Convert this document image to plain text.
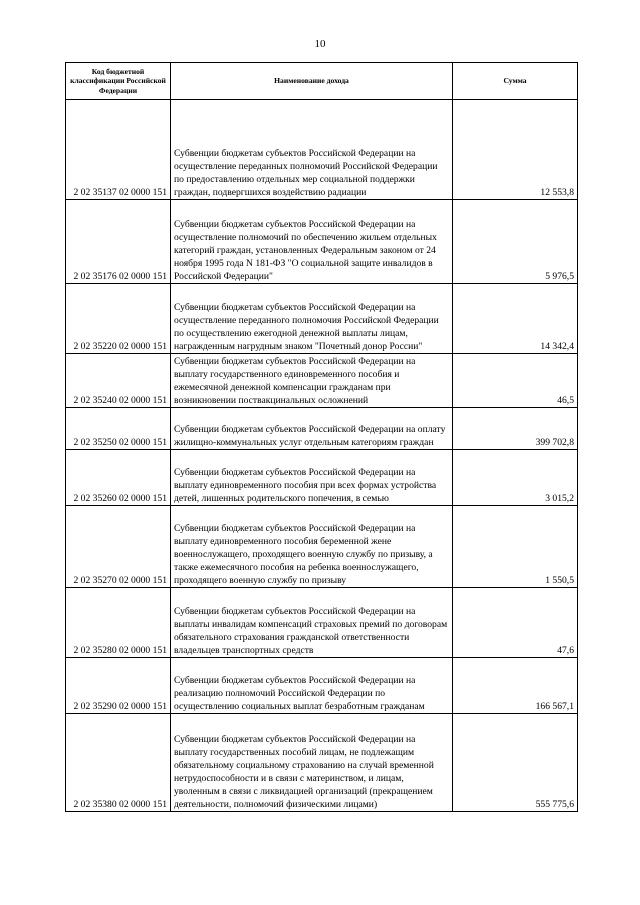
10
Код бюджетной классификации Российской Федерации	Наименование дохода	Сумма
2 02 35137 02 0000 151	Субвенции бюджетам субъектов Российской Федерации на осуществление переданных полномочий Российской Федерации по предоставлению отдельных мер социальной поддержки граждан, подвергшихся воздействию радиации	12 553,8
2 02 35176 02 0000 151	Субвенции бюджетам субъектов Российской Федерации на осуществление полномочий по обеспечению жильем отдельных категорий граждан, установленных Федеральным законом от 24 ноября 1995 года N 181-ФЗ "О социальной защите инвалидов в Российской Федерации"	5 976,5
2 02 35220 02 0000 151	Субвенции бюджетам субъектов Российской Федерации на осуществление переданного полномочия Российской Федерации по осуществлению ежегодной денежной выплаты лицам, награжденным нагрудным знаком "Почетный донор России"	14 342,4
2 02 35240 02 0000 151	Субвенции бюджетам субъектов Российской Федерации на выплату государственного единовременного пособия и ежемесячной денежной компенсации гражданам при возникновении поствакцинальных осложнений	46,5
2 02 35250 02 0000 151	Субвенции бюджетам субъектов Российской Федерации на оплату жилищно-коммунальных услуг отдельным категориям граждан	399 702,8
2 02 35260 02 0000 151	Субвенции бюджетам субъектов Российской Федерации на выплату единовременного пособия при всех формах устройства детей, лишенных родительского попечения, в семью	3 015,2
2 02 35270 02 0000 151	Субвенции бюджетам субъектов Российской Федерации на выплату единовременного пособия беременной жене военнослужащего, проходящего военную службу по призыву, а также ежемесячного пособия на ребенка военнослужащего, проходящего военную службу по призыву	1 550,5
2 02 35280 02 0000 151	Субвенции бюджетам субъектов Российской Федерации на выплаты инвалидам компенсаций страховых премий по договорам обязательного страхования гражданской ответственности владельцев транспортных средств	47,6
2 02 35290 02 0000 151	Субвенции бюджетам субъектов Российской Федерации на реализацию полномочий Российской Федерации по осуществлению социальных выплат безработным гражданам	166 567,1
2 02 35380 02 0000 151	Субвенции бюджетам субъектов Российской Федерации на выплату государственных пособий лицам, не подлежащим обязательному социальному страхованию на случай временной нетрудоспособности и в связи с материнством, и лицам, уволенным в связи с ликвидацией организаций (прекращением деятельности, полномочий физическими лицами)	555 775,6
